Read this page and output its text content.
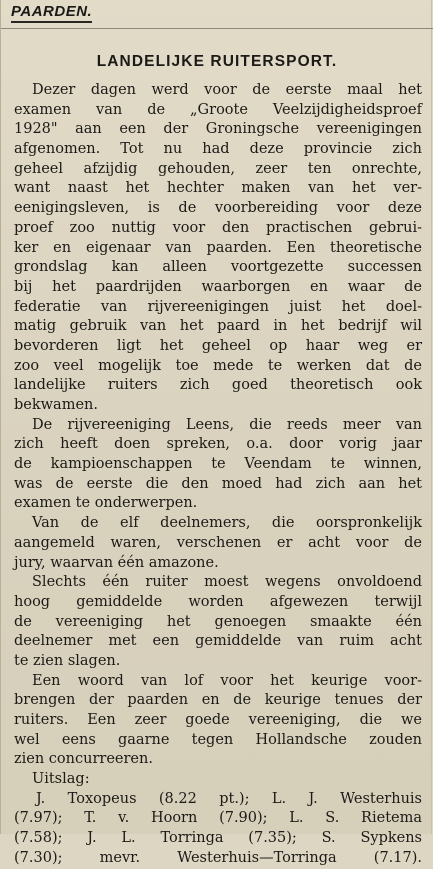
PAARDEN.
LANDELIJKE RUITERSPORT.
Dezer dagen werd voor de eerste maal het
examen van de „Groote Veelzijdigheidsproef
1928" aan een der Groningsche vereenigingen
afgenomen. Tot nu had deze provincie zich
geheel afzijdig gehouden, zeer ten onrechte,
want naast het hechter maken van het ver-
eenigingsleven, is de voorbereiding voor deze
proef zoo nuttig voor den practischen gebrui-
ker en eigenaar van paarden. Een theoretische
grondslag kan alleen voortgezette successen
bij het paardrijden waarborgen en waar de
federatie van rijvereenigingen juist het doel-
matig gebruik van het paard in het bedrijf wil
bevorderen ligt het geheel op haar weg er
zoo veel mogelijk toe mede te werken dat de
landelijke ruiters zich goed theoretisch ook
bekwamen.
De rijvereeniging Leens, die reeds meer van
zich heeft doen spreken, o.a. door vorig jaar
de kampioenschappen te Veendam te winnen,
was de eerste die den moed had zich aan het
examen te onderwerpen.
Van de elf deelnemers, die oorspronkelijk
aangemeld waren, verschenen er acht voor de
jury, waarvan één amazone.
Slechts één ruiter moest wegens onvoldoend
hoog gemiddelde worden afgewezen terwijl
de vereeniging het genoegen smaakte één
deelnemer met een gemiddelde van ruim acht
te zien slagen.
Een woord van lof voor het keurige voor-
brengen der paarden en de keurige tenues der
ruiters. Een zeer goede vereeniging, die we
wel eens gaarne tegen Hollandsche zouden
zien concurreeren.
Uitslag:
J. Toxopeus (8.22 pt.); L. J. Westerhuis
(7.97); T. v. Hoorn (7.90); L. S. Rietema
(7.58); J. L. Torringa (7.35); S. Sypkens
(7.30); mevr. Westerhuis—Torringa (7.17).
